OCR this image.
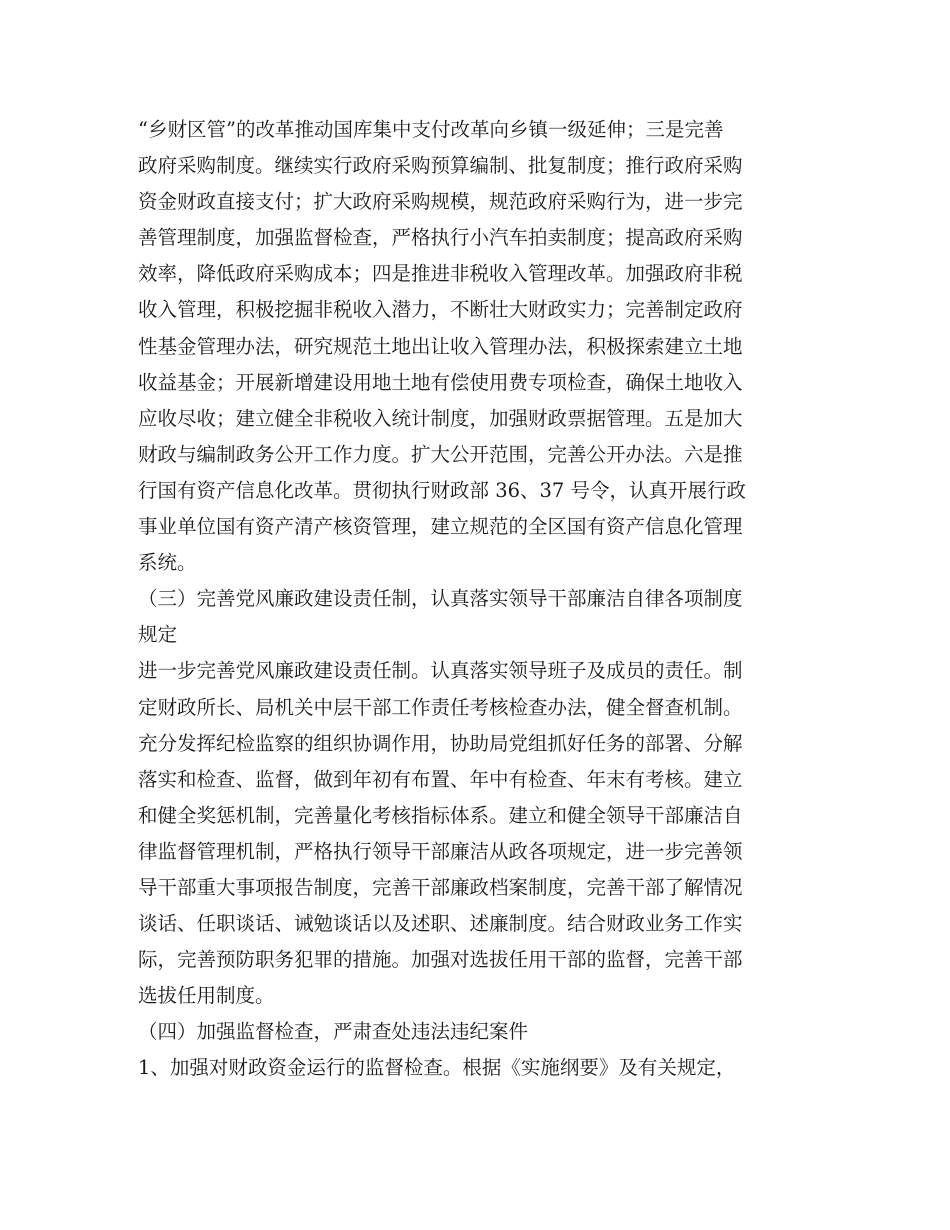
“乡财区管”的改革推动国库集中支付改革向乡镇一级延伸；三是完善
政府采购制度。继续实行政府采购预算编制、批复制度；推行政府采购
资金财政直接支付；扩大政府采购规模，规范政府采购行为，进一步完
善管理制度，加强监督检查，严格执行小汽车拍卖制度；提高政府采购
效率，降低政府采购成本；四是推进非税收入管理改革。加强政府非税
收入管理，积极挖掘非税收入潜力，不断壮大财政实力；完善制定政府
性基金管理办法，研究规范土地出让收入管理办法，积极探索建立土地
收益基金；开展新增建设用地土地有偿使用费专项检查，确保土地收入
应收尽收；建立健全非税收入统计制度，加强财政票据管理。五是加大
财政与编制政务公开工作力度。扩大公开范围，完善公开办法。六是推
行国有资产信息化改革。贯彻执行财政部 36、37 号令，认真开展行政
事业单位国有资产清产核资管理，建立规范的全区国有资产信息化管理
系统。
（三）完善党风廉政建设责任制，认真落实领导干部廉洁自律各项制度
规定
进一步完善党风廉政建设责任制。认真落实领导班子及成员的责任。制
定财政所长、局机关中层干部工作责任考核检查办法，健全督查机制。
充分发挥纪检监察的组织协调作用，协助局党组抓好任务的部署、分解
落实和检查、监督，做到年初有布置、年中有检查、年末有考核。建立
和健全奖惩机制，完善量化考核指标体系。建立和健全领导干部廉洁自
律监督管理机制，严格执行领导干部廉洁从政各项规定，进一步完善领
导干部重大事项报告制度，完善干部廉政档案制度，完善干部了解情况
谈话、任职谈话、诫勉谈话以及述职、述廉制度。结合财政业务工作实
际，完善预防职务犯罪的措施。加强对选拔任用干部的监督，完善干部
选拔任用制度。
（四）加强监督检查，严肃查处违法违纪案件
1、加强对财政资金运行的监督检查。根据《实施纲要》及有关规定，
